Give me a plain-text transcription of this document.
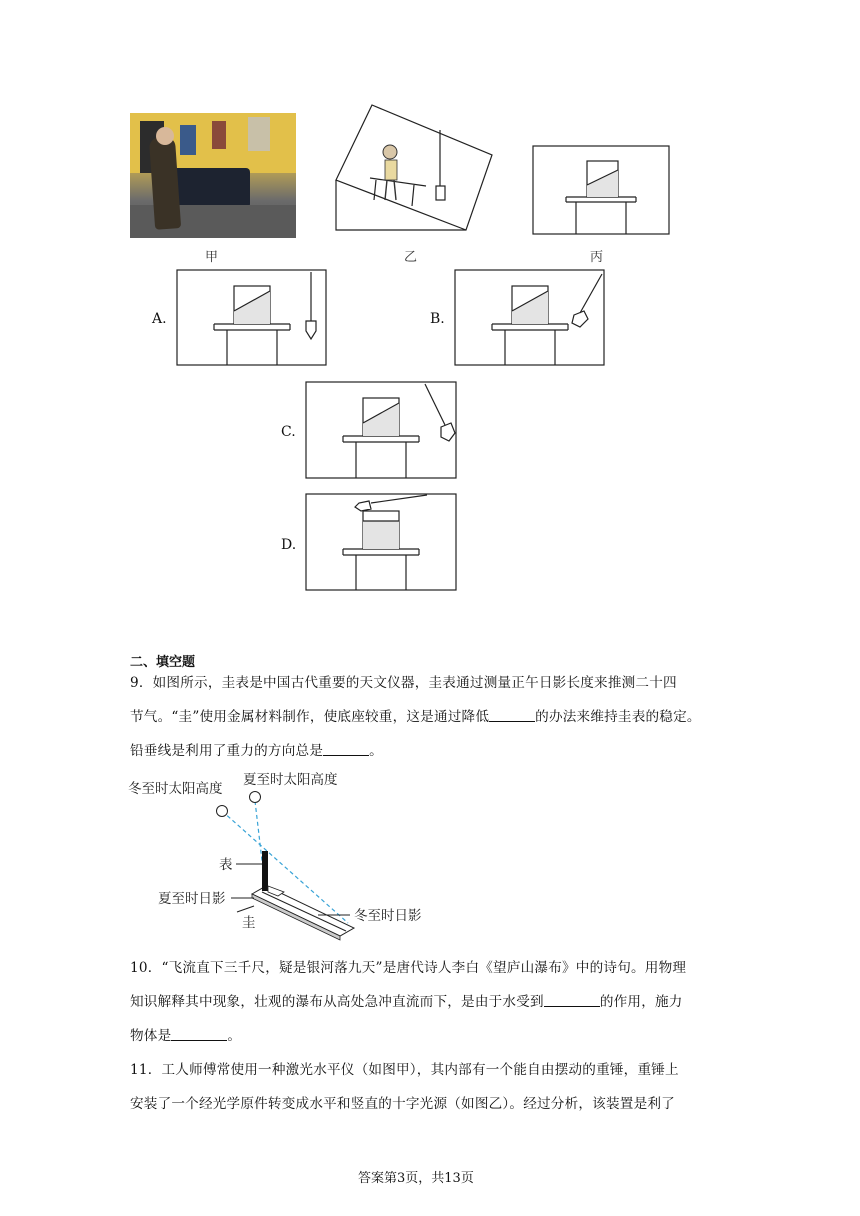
甲	乙	丙
A.	B.
C.
D.
二、填空题
9．如图所示，圭表是中国古代重要的天文仪器，圭表通过测量正午日影长度来推测二十四
节气。“圭”使用金属材料制作，使底座较重，这是通过降低	的办法来维持圭表的稳定。
铅垂线是利用了重力的方向总是	。
冬至时太阳高度
夏至时太阳高度
表
夏至时日影
圭	冬至时日影
10．“飞流直下三千尺，疑是银河落九天”是唐代诗人李白《望庐山瀑布》中的诗句。用物理
知识解释其中现象，壮观的瀑布从高处急冲直流而下，是由于水受到	的作用，施力
物体是	。
11．工人师傅常使用一种激光水平仪（如图甲），其内部有一个能自由摆动的重锤，重锤上
安装了一个经光学原件转变成水平和竖直的十字光源（如图乙）。经过分析，该装置是利了
答案第3页，共13页
